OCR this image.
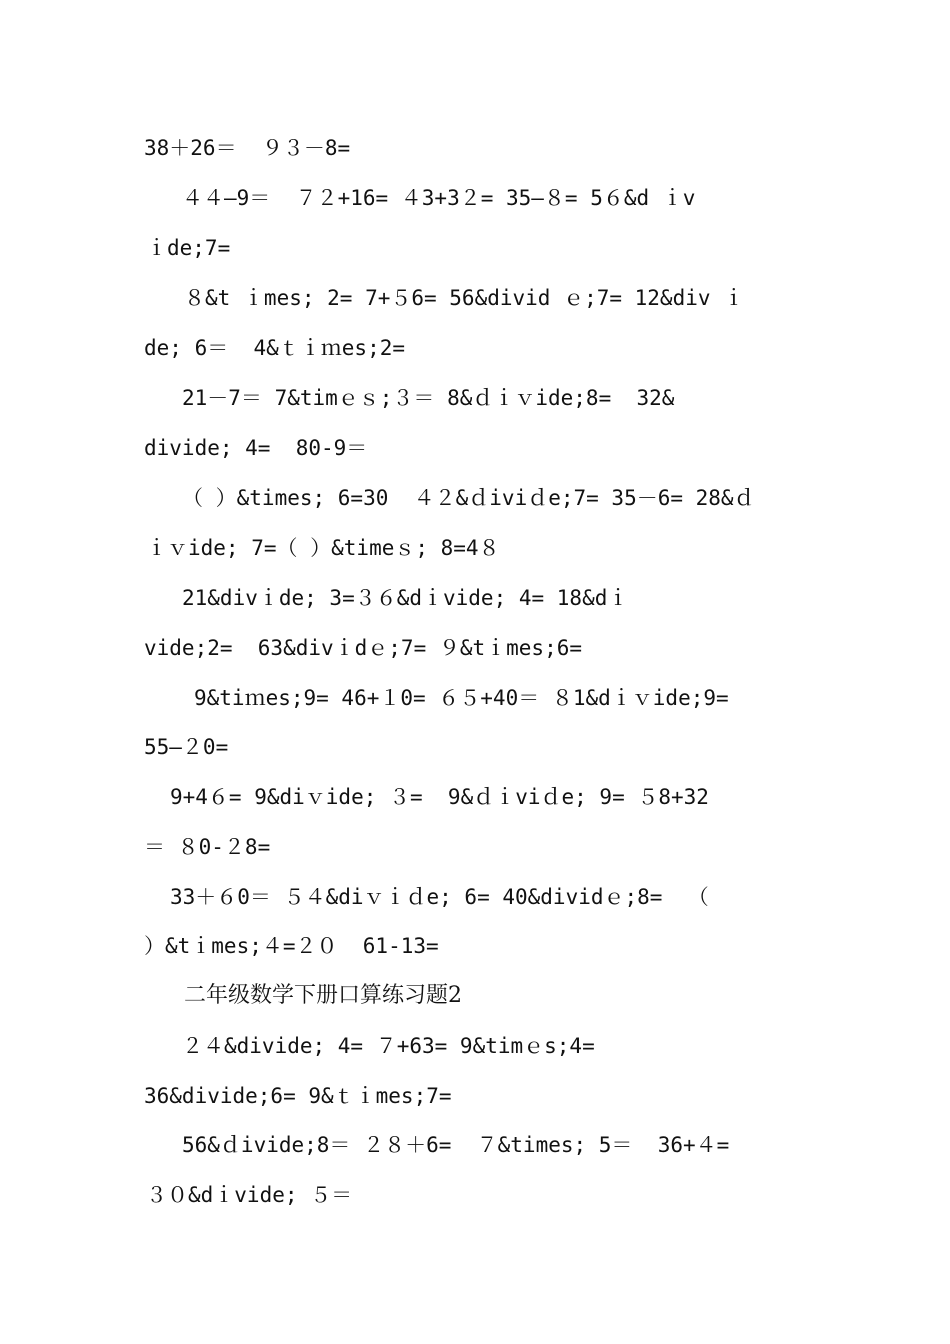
38＋26＝  ９３－8=
４４—9＝  ７２+16= ４3+3２= 35—８= 5６&d ｉv
ｉde;7=
８&t ｉmes; 2= 7+５6= 56&divid ｅ;7= 12&div ｉ
de; 6＝  4&ｔｉｍes;2=
21－7＝ 7&timｅｓ;３＝ 8&ｄｉｖide;8=  32&
divide; 4=  80-9＝
（ ）&times; 6=30  ４２&ｄiviｄe;7= 35－6= 28&ｄ
ｉｖide; 7=（ ）&timeｓ; 8=4８
21&divｉde; 3=３６&dｉvide; 4= 18&dｉ
vide;2=  63&divｉdｅ;7= ９&tｉmes;6=
9&tiｍes;9= 46+１0= ６５+40＝ ８1&dｉｖide;9=
55—２0=
9+4６= 9&diｖide; ３=  9&ｄｉviｄe; 9= ５8+32
＝ ８0-２8=
33＋６0＝ ５４&diｖｉｄe; 6= 40&dividｅ;8=  （
）&tｉmes;４=２０  61-13=
二年级数学下册口算练习题2
２４&divide; 4= ７+63= 9&timｅs;4=
36&divide;6= 9&ｔｉmes;7=
56&ｄivide;8＝ ２８＋6=  ７&times; 5＝  36+４=
３０&dｉvide; ５＝
